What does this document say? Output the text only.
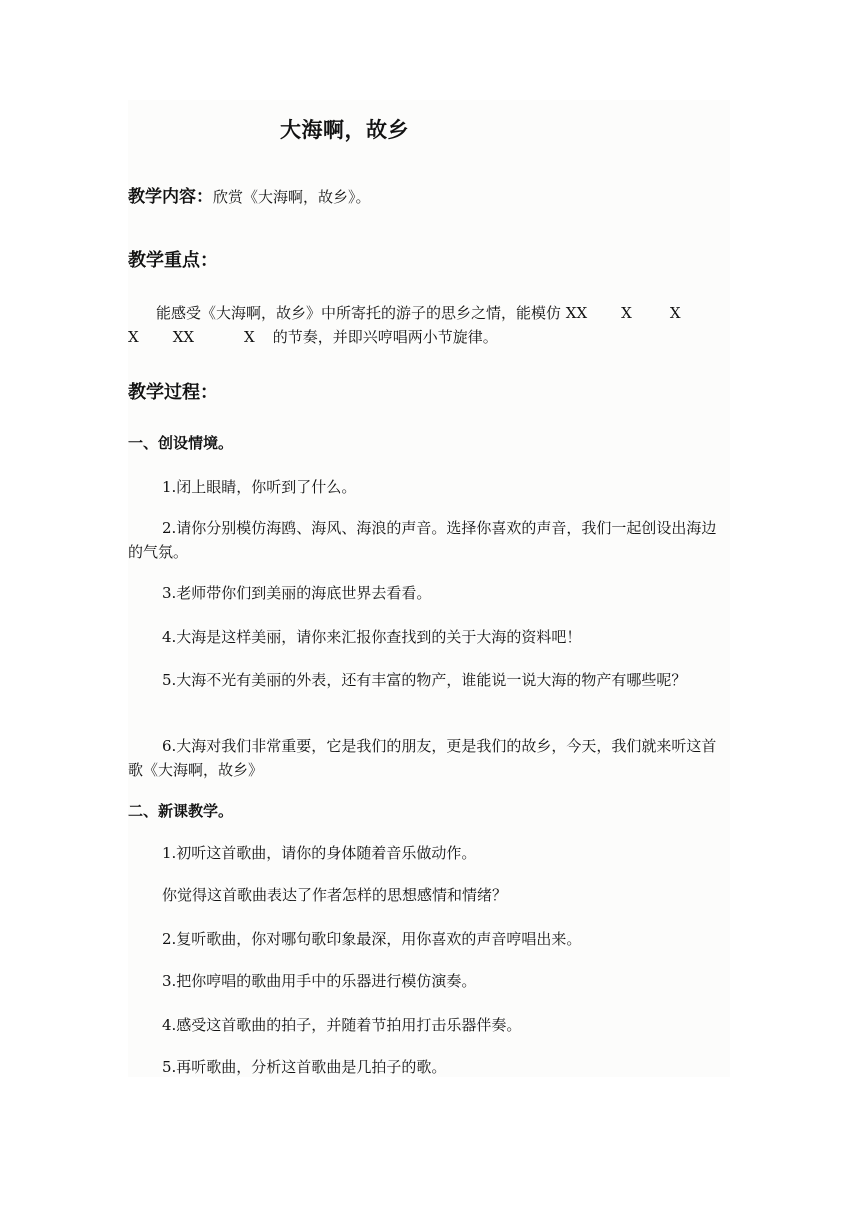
大海啊，故乡
教学内容：欣赏《大海啊，故乡》。
教学重点：
能感受《大海啊，故乡》中所寄托的游子的思乡之情，能模仿 XX X	X
X XX	X 的节奏，并即兴哼唱两小节旋律。
教学过程：
一、创设情境。
1.闭上眼睛，你听到了什么。
2.请你分别模仿海鸥、海风、海浪的声音。选择你喜欢的声音，我们一起创设出海边的气氛。
3.老师带你们到美丽的海底世界去看看。
4.大海是这样美丽，请你来汇报你查找到的关于大海的资料吧！
5.大海不光有美丽的外表，还有丰富的物产，谁能说一说大海的物产有哪些呢？
6.大海对我们非常重要，它是我们的朋友，更是我们的故乡，今天，我们就来听这首歌《大海啊，故乡》
二、新课教学。
1.初听这首歌曲，请你的身体随着音乐做动作。
你觉得这首歌曲表达了作者怎样的思想感情和情绪？
2.复听歌曲，你对哪句歌印象最深，用你喜欢的声音哼唱出来。
3.把你哼唱的歌曲用手中的乐器进行模仿演奏。
4.感受这首歌曲的拍子，并随着节拍用打击乐器伴奏。
5.再听歌曲，分析这首歌曲是几拍子的歌。
